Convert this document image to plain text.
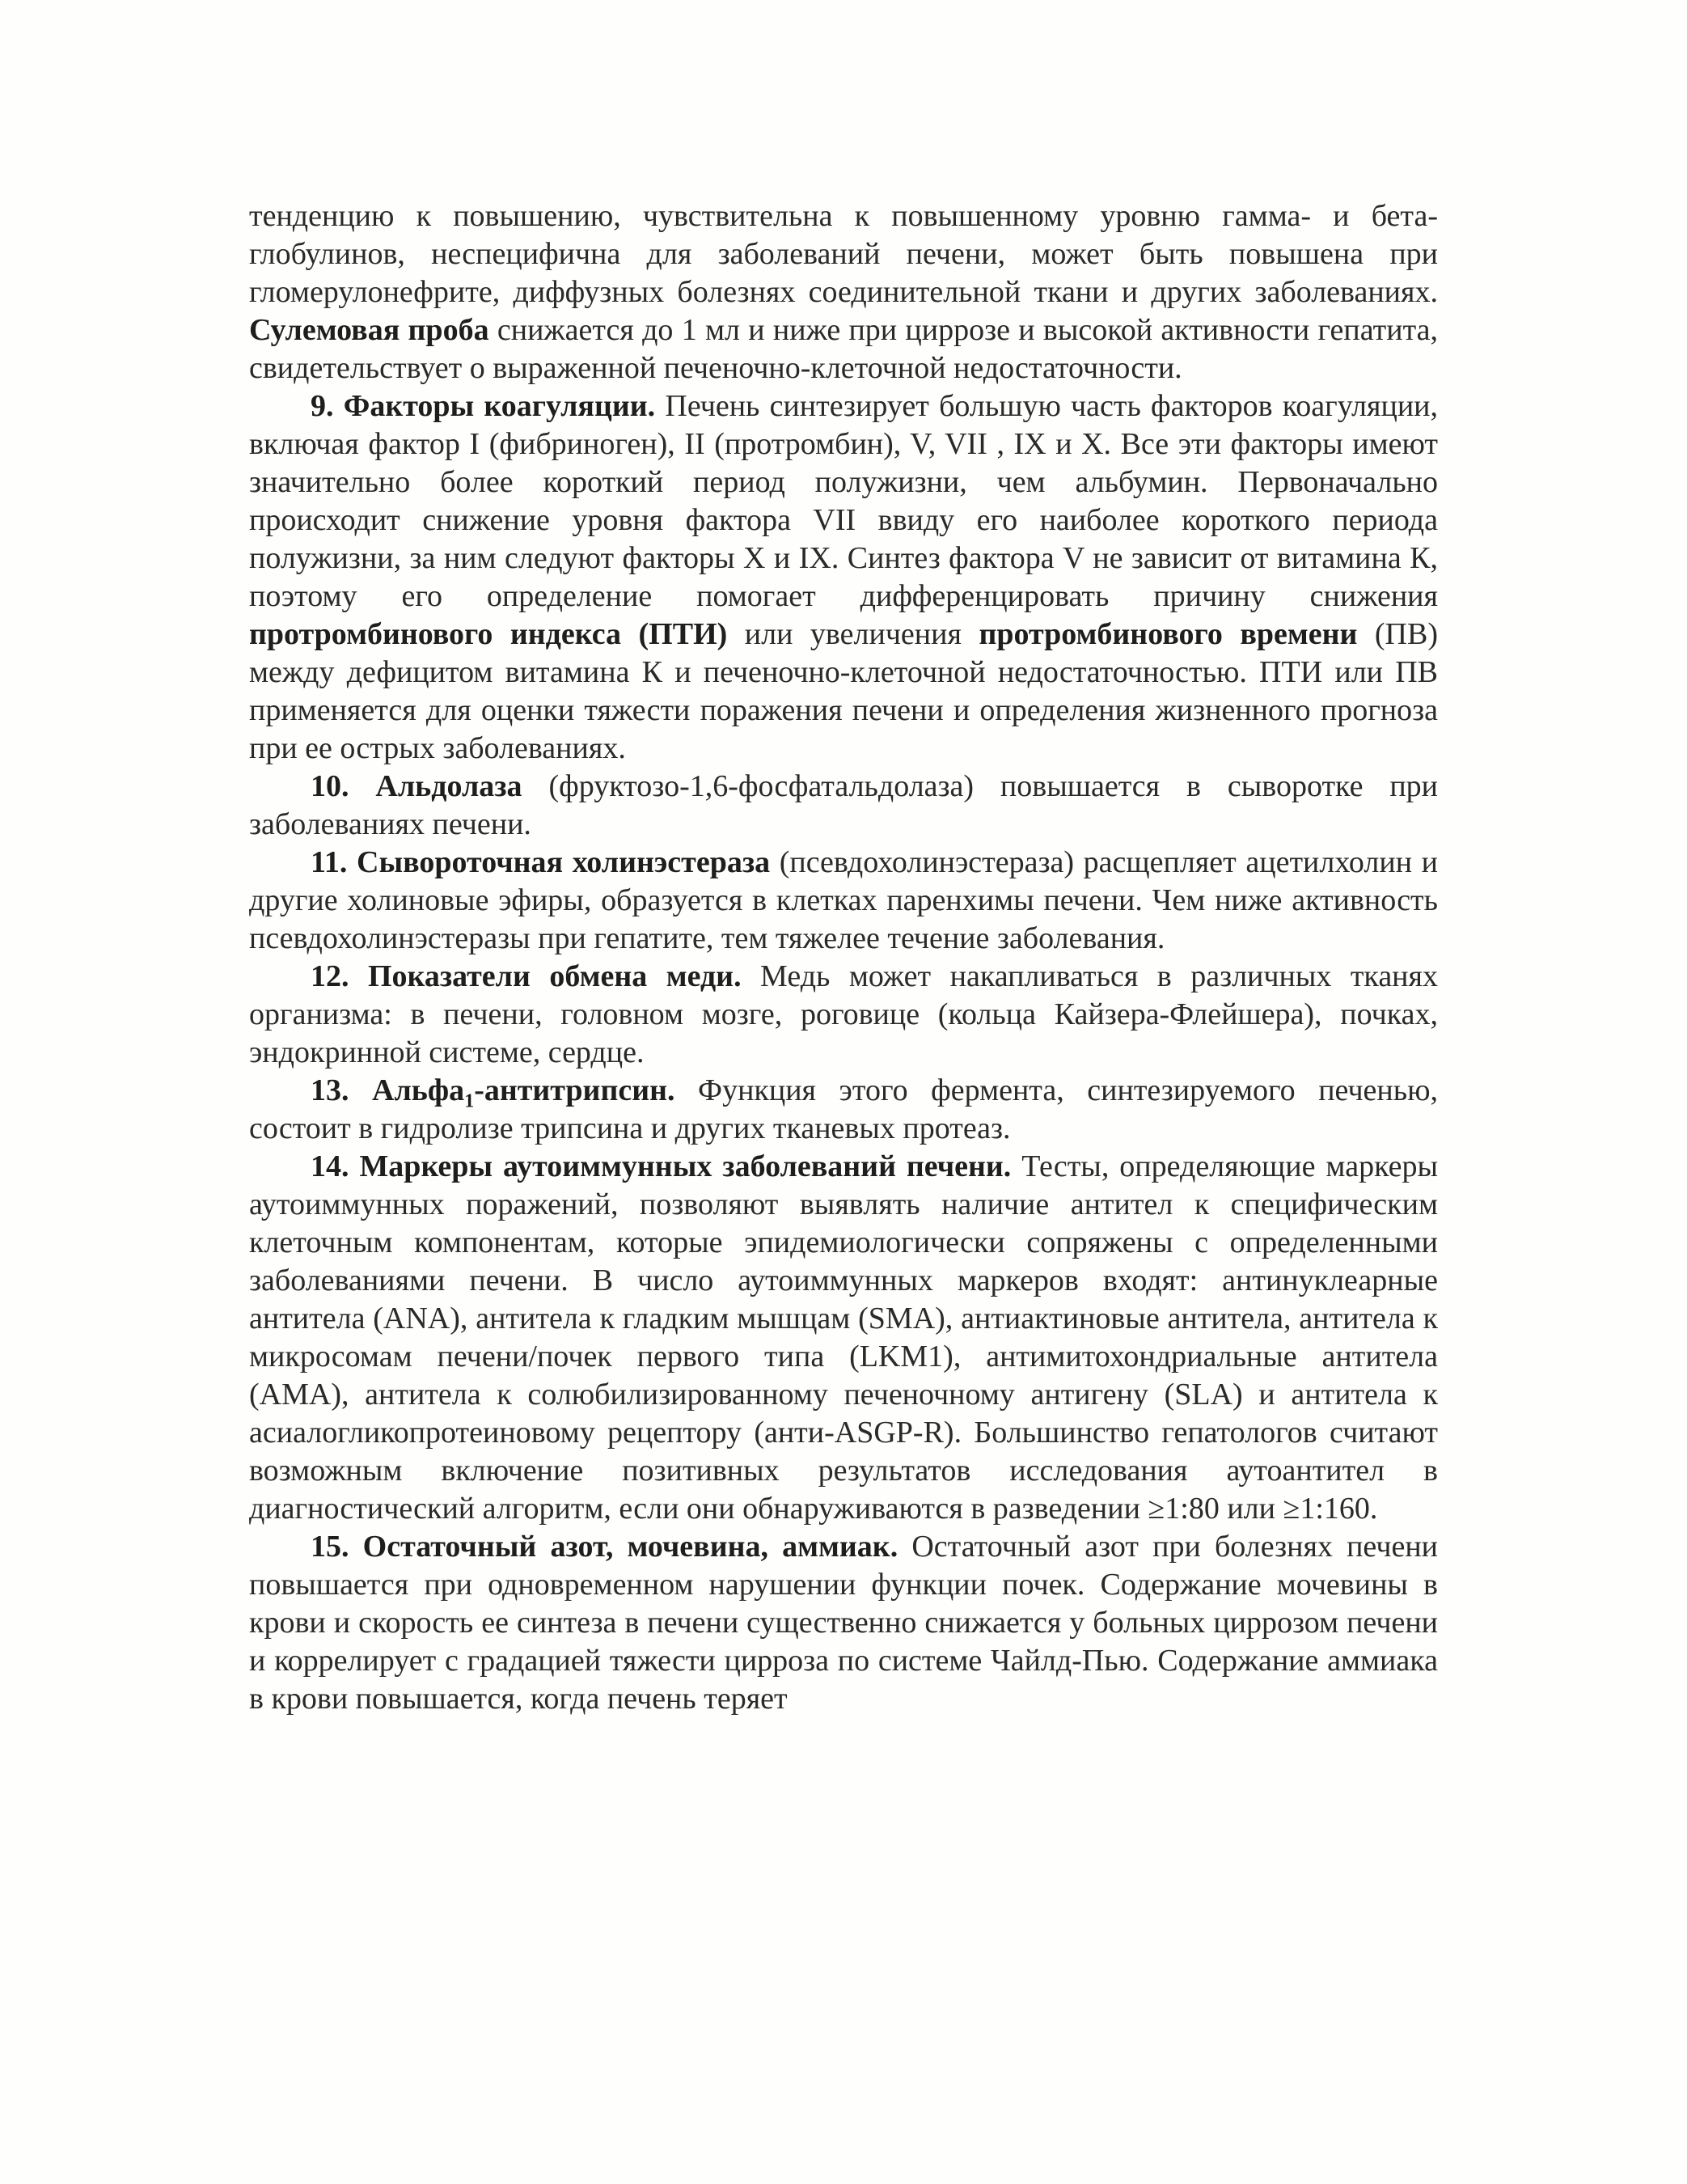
тенденцию к повышению, чувствительна к повышенному уровню гамма- и бета-глобулинов, неспецифична для заболеваний печени, может быть повышена при гломерулонефрите, диффузных болезнях соединительной ткани и других заболеваниях. Сулемовая проба снижается до 1 мл и ниже при циррозе и высокой активности гепатита, свидетельствует о выраженной печеночно-клеточной недостаточности.

9. Факторы коагуляции. Печень синтезирует большую часть факторов коагуляции, включая фактор I (фибриноген), II (протромбин), V, VII , IX и X. Все эти факторы имеют значительно более короткий период полужизни, чем альбумин. Первоначально происходит снижение уровня фактора VII ввиду его наиболее короткого периода полужизни, за ним следуют факторы X и IX. Синтез фактора V не зависит от витамина К, поэтому его определение помогает дифференцировать причину снижения протромбинового индекса (ПТИ) или увеличения протромбинового времени (ПВ) между дефицитом витамина К и печеночно-клеточной недостаточностью. ПТИ или ПВ применяется для оценки тяжести поражения печени и определения жизненного прогноза при ее острых заболеваниях.

10. Альдолаза (фруктозо-1,6-фосфатальдолаза) повышается в сыворотке при заболеваниях печени.

11. Сывороточная холинэстераза (псевдохолинэстераза) расщепляет ацетилхолин и другие холиновые эфиры, образуется в клетках паренхимы печени. Чем ниже активность псевдохолинэстеразы при гепатите, тем тяжелее течение заболевания.

12. Показатели обмена меди. Медь может накапливаться в различных тканях организма: в печени, головном мозге, роговице (кольца Кайзера-Флейшера), почках, эндокринной системе, сердце.

13. Альфа$_1$-антитрипсин. Функция этого фермента, синтезируемого печенью, состоит в гидролизе трипсина и других тканевых протеаз.

14. Маркеры аутоиммунных заболеваний печени. Тесты, определяющие маркеры аутоиммунных поражений, позволяют выявлять наличие антител к специфическим клеточным компонентам, которые эпидемиологически сопряжены с определенными заболеваниями печени. В число аутоиммунных маркеров входят: антинуклеарные антитела (ANA), антитела к гладким мышцам (SMA), антиактиновые антитела, антитела к микросомам печени/почек первого типа (LKM1), антимитохондриальные антитела (AMA), антитела к солюбилизированному печеночному антигену (SLA) и антитела к асиалогликопротеиновому рецептору (анти-ASGP-R). Большинство гепатологов считают возможным включение позитивных результатов исследования аутоантител в диагностический алгоритм, если они обнаруживаются в разведении ≥1:80 или ≥1:160.

15. Остаточный азот, мочевина, аммиак. Остаточный азот при болезнях печени повышается при одновременном нарушении функции почек. Содержание мочевины в крови и скорость ее синтеза в печени существенно снижается у больных циррозом печени и коррелирует с градацией тяжести цирроза по системе Чайлд-Пью. Содержание аммиака в крови повышается, когда печень теряет
